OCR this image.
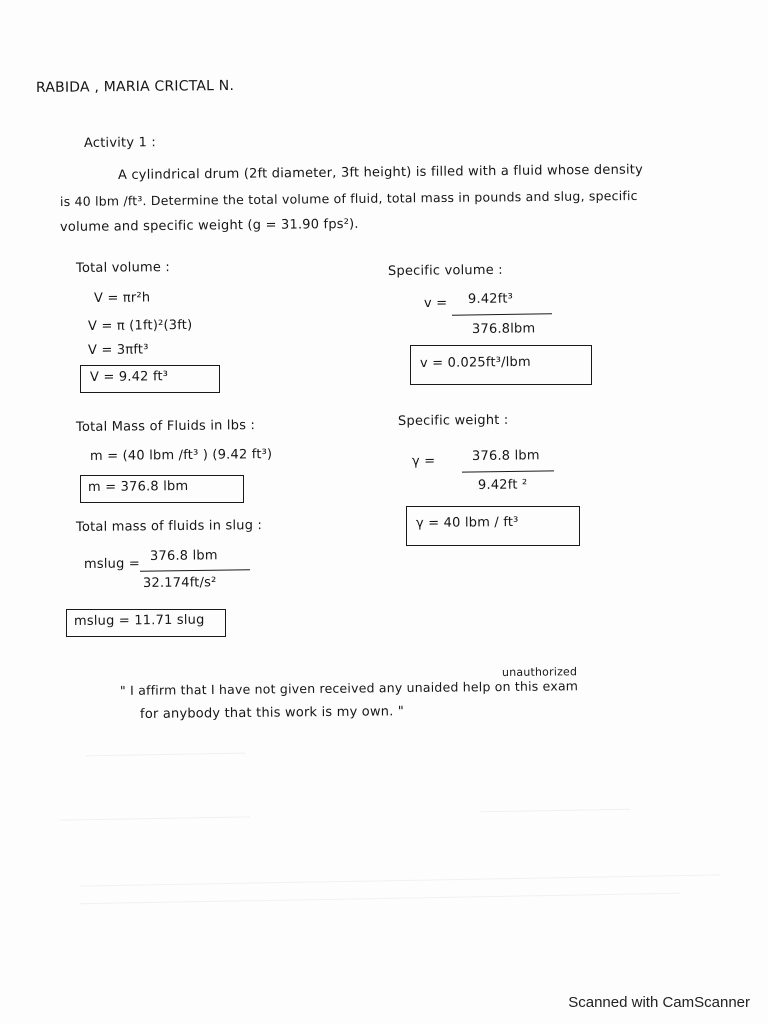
RABIDA , MARIA CRICTAL N.
Activity 1 :
A cylindrical drum (2ft diameter, 3ft height) is filled with a fluid whose density
is 40 lbm /ft³. Determine the total volume of fluid, total mass in pounds and slug, specific
volume and specific weight (g = 31.90 fps²).
Total volume :
V = πr²h
V = π (1ft)²(3ft)
V = 3πft³
V = 9.42 ft³
Total Mass of Fluids in lbs :
m = (40 lbm /ft³ ) (9.42 ft³)
m = 376.8 lbm
Total mass of fluids in slug :
mslug =
376.8 lbm
32.174ft/s²
mslug = 11.71 slug
Specific volume :
v = 9.42ft³
376.8lbm
v = 0.025ft³/lbm
Specific weight :
γ =	376.8 lbm
9.42ft ²
γ = 40 lbm / ft³
unauthorized
" I affirm that I have not given received any unaided help on this exam
for anybody that this work is my own. "
Scanned with CamScanner
